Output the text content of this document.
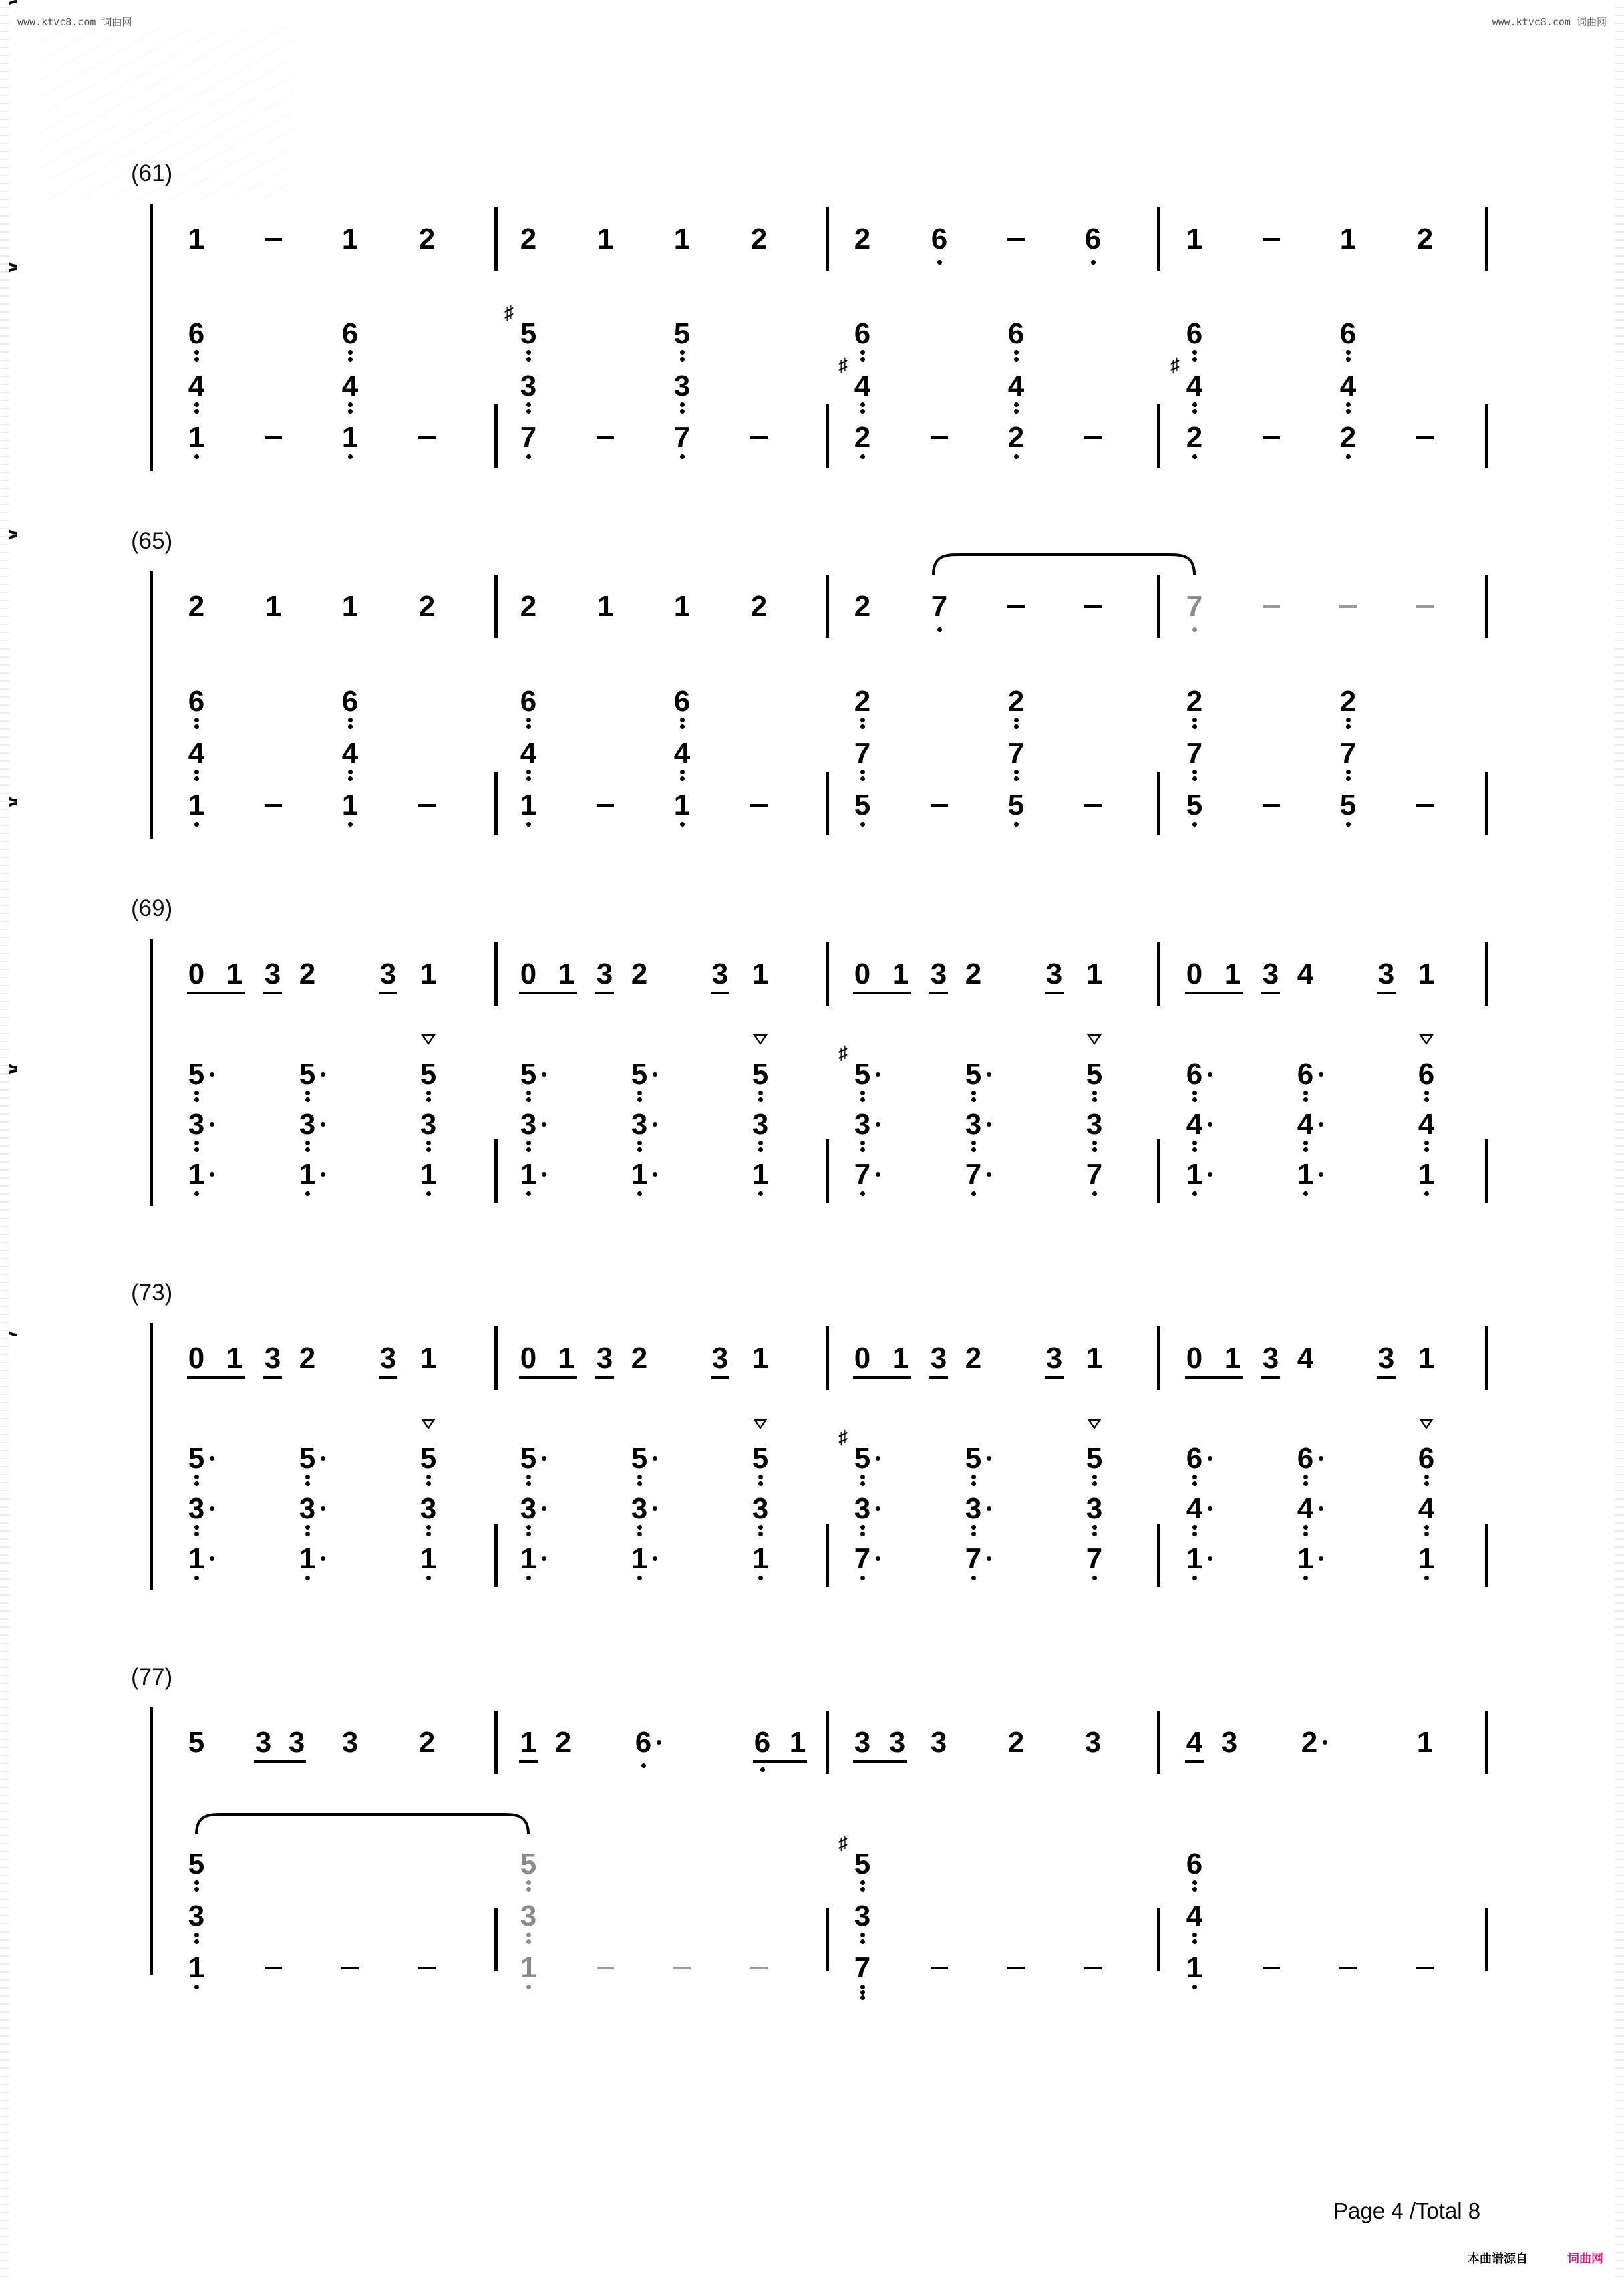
www.ktvc8.com 词曲网	www.ktvc8.com 词曲网
(61)
1	1 2	2 1 1 2	2 6	6	1	1 2
6
4
1
6
4
1
5
♯
3
7
5
3
7
6
4
♯
2
6
4
2
6
4
♯
2
6
4
2
(65)
2 1 1 2	2 1 1 2	2 7	7
6
4
1
6
4
1
6
4
1
6
4
1
2
7
5
2
7
5
2
7
5
2
7
5
(69)
0 1 3 2 3 1	0 1 3 2 3 1	0 1 3 2 3 1	0 1 3 4 3 1
5
3
1
5
3
1
5
3
1
5
3
1
5
3
1
5
3
1
5
♯
3
7
5
3
7
5
3
7
6
4
1
6
4
1
6
4
1
(73)
0 1 3 2 3 1	0 1 3 2 3 1	0 1 3 2 3 1	0 1 3 4 3 1
5
3
1
5
3
1
5
3
1
5
3
1
5
3
1
5
3
1
5
♯
3
7
5
3
7
5
3
7
6
4
1
6
4
1
6
4
1
(77)
5 3 3 3 2	1 2 6	6 1 3 3 3 2 3	4 3 2	1
5
3
1
5
3
1
5
♯
3
7
6
4
1
Page 4 /Total 8
本曲谱源自	词曲网
